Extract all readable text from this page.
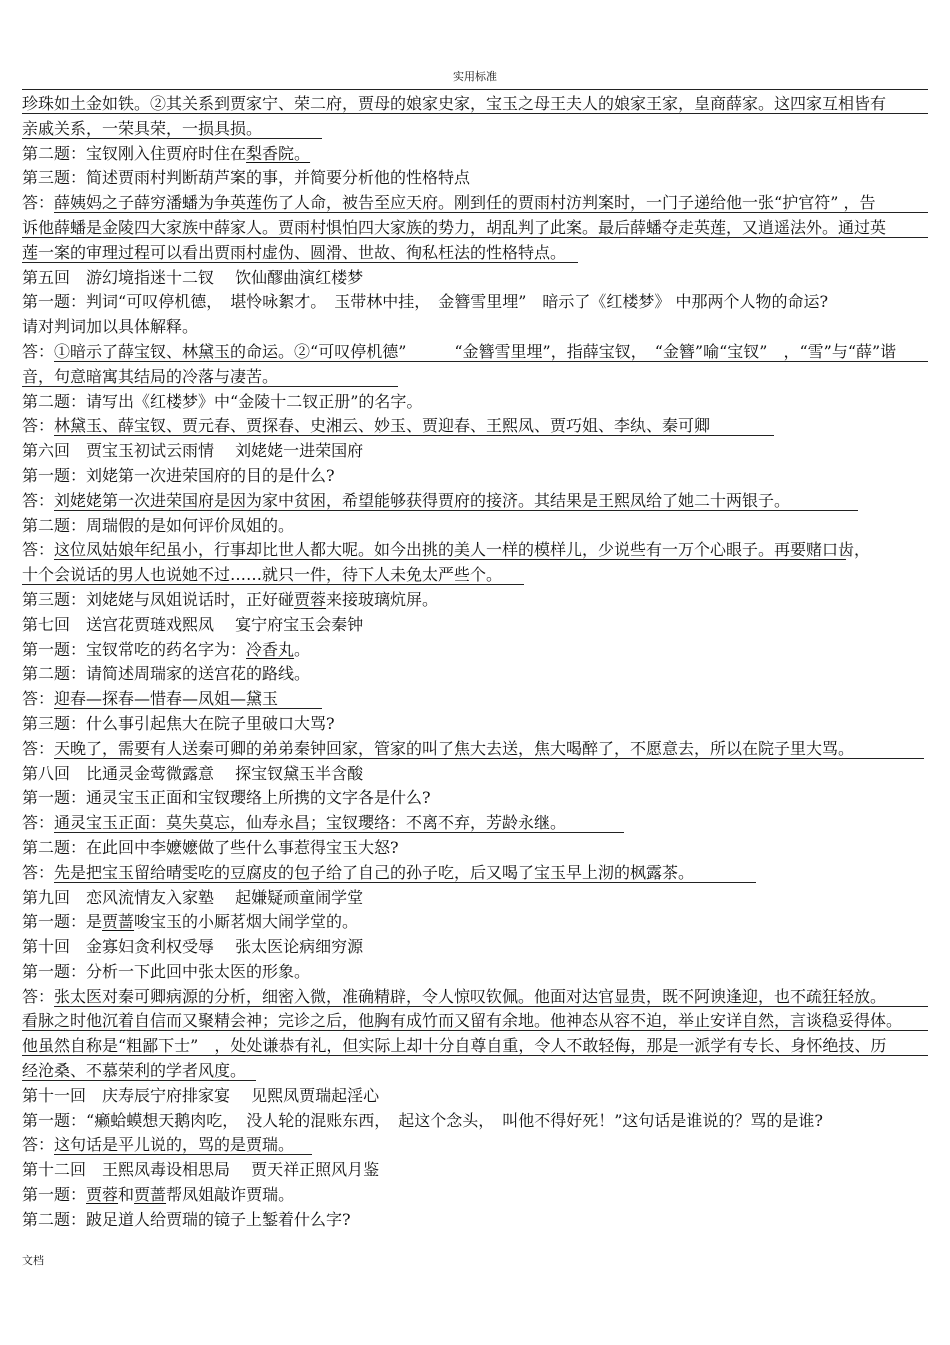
实用标准
珍珠如土金如铁。②其关系到贾家宁、荣二府，贾母的娘家史家，宝玉之母王夫人的娘家王家，皇商薛家。这四家互相皆有
亲戚关系，一荣具荣，一损具损。
第二题：宝钗刚入住贾府时住在梨香院。
第三题：简述贾雨村判断葫芦案的事，并简要分析他的性格特点
答：薛姨妈之子薛穷潘蟠为争英莲伤了人命，被告至应天府。刚到任的贾雨村汸判案时，一门子递给他一张“护官符” ，告
诉他薛蟠是金陵四大家族中薛家人。贾雨村惧怕四大家族的势力，胡乱判了此案。最后薛蟠夺走英莲，又逍遥法外。通过英
莲一案的审理过程可以看出贾雨村虚伪、圆滑、世故、徇私枉法的性格特点。
第五回　游幻境指迷十二钗　 饮仙醪曲演红楼梦
第一题：判词“可叹停机德，　堪怜咏絮才。　玉带林中挂，　金簪雪里埋”　暗示了《红楼梦》 中那两个人物的命运?
请对判词加以具体解释。
答：①暗示了薛宝钗、林黛玉的命运。②“可叹停机德”　　　“金簪雪里埋”，指薛宝钗，　“金簪”喻“宝钗”　，“雪”与“薛”谐
音，句意暗寓其结局的冷落与凄苦。
第二题：请写出《红楼梦》中“金陵十二钗正册”的名字。
答：林黛玉、薛宝钗、贾元春、贾探春、史湘云、妙玉、贾迎春、王熙凤、贾巧姐、李纨、秦可卿
第六回　贾宝玉初试云雨情　 刘姥姥一进荣国府
第一题：刘姥第一次进荣国府的目的是什么?
答：刘姥姥第一次进荣国府是因为家中贫困，希望能够获得贾府的接济。其结果是王熙凤给了她二十两银子。
第二题：周瑞假的是如何评价凤姐的。
答：这位凤姑娘年纪虽小，行事却比世人都大呢。如今出挑的美人一样的模样儿，少说些有一万个心眼子。再要赌口齿，
十个会说话的男人也说她不过……就只一件，待下人未免太严些个。
第三题：刘姥姥与凤姐说话时，正好碰贾蓉来接玻璃炕屏。
第七回　送宫花贾琏戏熙凤　 宴宁府宝玉会秦钟
第一题：宝钗常吃的药名字为：冷香丸。
第二题：请简述周瑞家的送宫花的路线。
答：迎春—探春—惜春—凤姐—黛玉
第三题：什么事引起焦大在院子里破口大骂?
答：天晚了，需要有人送秦可卿的弟弟秦钟回家，管家的叫了焦大去送，焦大喝醉了，不愿意去，所以在院子里大骂。
第八回　比通灵金莺微露意　 探宝钗黛玉半含酸
第一题：通灵宝玉正面和宝钗瓔络上所携的文字各是什么?
答：通灵宝玉正面：莫失莫忘，仙寿永昌；宝钗瓔络：不离不弃，芳龄永继。
第二题：在此回中李嬷嬷做了些什么事惹得宝玉大怒?
答：先是把宝玉留给晴雯吃的豆腐皮的包子给了自己的孙子吃，后又喝了宝玉早上沏的枫露茶。
第九回　恋风流情友入家塾　 起嫌疑顽童闹学堂
第一题：是贾蔷唆宝玉的小厮茗烟大闹学堂的。
第十回　金寡妇贪利权受辱　 张太医论病细穷源
第一题：分析一下此回中张太医的形象。
答：张太医对秦可卿病源的分析，细密入微，准确精辟，令人惊叹钦佩。他面对达官显贵，既不阿谀逢迎，也不疏狂轻放。
看脉之时他沉着自信而又聚精会神；完诊之后，他胸有成竹而又留有余地。他神态从容不迫，举止安详自然，言谈稳妥得体。
他虽然自称是“粗鄙下士”　，处处谦恭有礼，但实际上却十分自尊自重，令人不敢轻侮，那是一派学有专长、身怀绝技、历
经沧桑、不慕荣利的学者风度。
第十一回　庆寿辰宁府排家宴　 见熙凤贾瑞起淫心
第一题：“癞蛤蟆想天鹅肉吃，　没人轮的混账东西，　起这个念头，　叫他不得好死！”这句话是谁说的？骂的是谁?
答：这句话是平儿说的，骂的是贾瑞。
第十二回　王熙凤毒设相思局　 贾天祥正照风月鉴
第一题：贾蓉和贾蔷帮凤姐敲诈贾瑞。
第二题：跛足道人给贾瑞的镜子上錾着什么字?
文档
